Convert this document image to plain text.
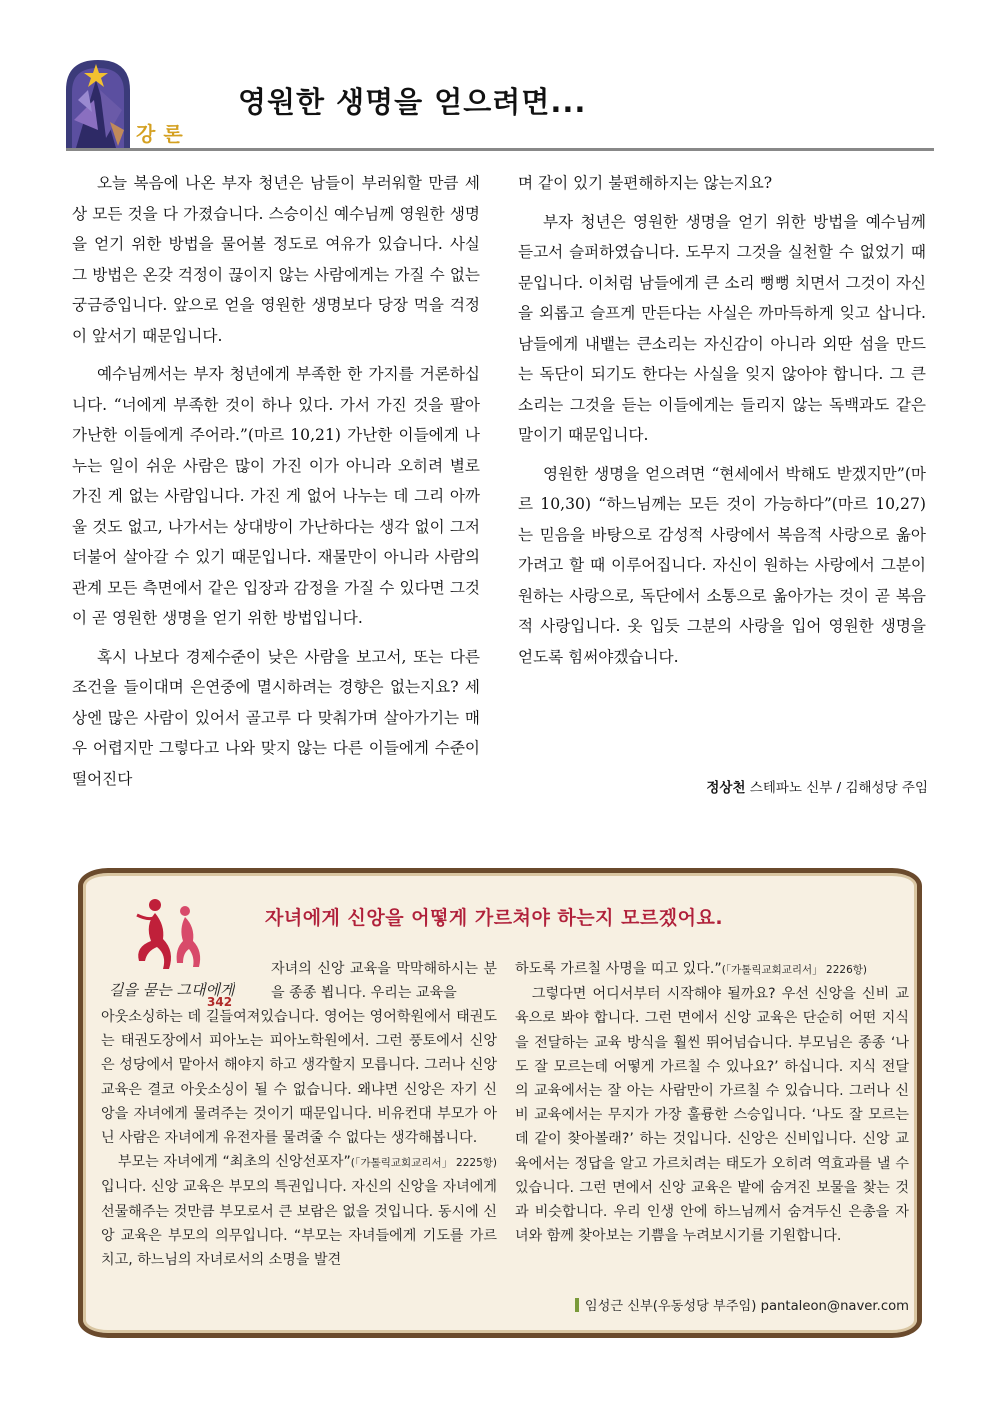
강론
영원한 생명을 얻으려면...

오늘 복음에 나온 부자 청년은 남들이 부러워할 만큼 세상 모든 것을 다 가졌습니다. 스승이신 예수님께 영원한 생명을 얻기 위한 방법을 물어볼 정도로 여유가 있습니다. 사실 그 방법은 온갖 걱정이 끊이지 않는 사람에게는 가질 수 없는 궁금증입니다. 앞으로 얻을 영원한 생명보다 당장 먹을 걱정이 앞서기 때문입니다.

예수님께서는 부자 청년에게 부족한 한 가지를 거론하십니다. “너에게 부족한 것이 하나 있다. 가서 가진 것을 팔아 가난한 이들에게 주어라.”(마르 10,21) 가난한 이들에게 나누는 일이 쉬운 사람은 많이 가진 이가 아니라 오히려 별로 가진 게 없는 사람입니다. 가진 게 없어 나누는 데 그리 아까울 것도 없고, 나가서는 상대방이 가난하다는 생각 없이 그저 더불어 살아갈 수 있기 때문입니다. 재물만이 아니라 사람의 관계 모든 측면에서 같은 입장과 감정을 가질 수 있다면 그것이 곧 영원한 생명을 얻기 위한 방법입니다.

혹시 나보다 경제수준이 낮은 사람을 보고서, 또는 다른 조건을 들이대며 은연중에 멸시하려는 경향은 없는지요? 세상엔 많은 사람이 있어서 골고루 다 맞춰가며 살아가기는 매우 어렵지만 그렇다고 나와 맞지 않는 다른 이들에게 수준이 떨어진다

며 같이 있기 불편해하지는 않는지요?

부자 청년은 영원한 생명을 얻기 위한 방법을 예수님께 듣고서 슬퍼하였습니다. 도무지 그것을 실천할 수 없었기 때문입니다. 이처럼 남들에게 큰 소리 뻥뻥 치면서 그것이 자신을 외롭고 슬프게 만든다는 사실은 까마득하게 잊고 삽니다. 남들에게 내뱉는 큰소리는 자신감이 아니라 외딴 섬을 만드는 독단이 되기도 한다는 사실을 잊지 않아야 합니다. 그 큰소리는 그것을 듣는 이들에게는 들리지 않는 독백과도 같은 말이기 때문입니다.

영원한 생명을 얻으려면 “현세에서 박해도 받겠지만”(마르 10,30) “하느님께는 모든 것이 가능하다”(마르 10,27)는 믿음을 바탕으로 감성적 사랑에서 복음적 사랑으로 옮아가려고 할 때 이루어집니다. 자신이 원하는 사랑에서 그분이 원하는 사랑으로, 독단에서 소통으로 옮아가는 것이 곧 복음적 사랑입니다. 옷 입듯 그분의 사랑을 입어 영원한 생명을 얻도록 힘써야겠습니다.

정상천 스테파노 신부 / 김해성당 주임
길을 묻는 그대에게
342
자녀에게 신앙을 어떻게 가르쳐야 하는지 모르겠어요.

자녀의 신앙 교육을 막막해하시는 분을 종종 뵙니다. 우리는 교육을

아웃소싱하는 데 길들여져있습니다. 영어는 영어학원에서 태권도는 태권도장에서 피아노는 피아노학원에서. 그런 풍토에서 신앙은 성당에서 맡아서 해야지 하고 생각할지 모릅니다. 그러나 신앙 교육은 결코 아웃소싱이 될 수 없습니다. 왜냐면 신앙은 자기 신앙을 자녀에게 물려주는 것이기 때문입니다. 비유컨대 부모가 아닌 사람은 자녀에게 유전자를 물려줄 수 없다는 생각해봅니다.

부모는 자녀에게 “최초의 신앙선포자”(「가톨릭교회교리서」 2225항)입니다. 신앙 교육은 부모의 특권입니다. 자신의 신앙을 자녀에게 선물해주는 것만큼 부모로서 큰 보람은 없을 것입니다. 동시에 신앙 교육은 부모의 의무입니다. “부모는 자녀들에게 기도를 가르치고, 하느님의 자녀로서의 소명을 발견

하도록 가르칠 사명을 띠고 있다.”(「가톨릭교회교리서」 2226항)

그렇다면 어디서부터 시작해야 될까요? 우선 신앙을 신비 교육으로 봐야 합니다. 그런 면에서 신앙 교육은 단순히 어떤 지식을 전달하는 교육 방식을 훨씬 뛰어넘습니다. 부모님은 종종 ‘나도 잘 모르는데 어떻게 가르칠 수 있나요?’ 하십니다. 지식 전달의 교육에서는 잘 아는 사람만이 가르칠 수 있습니다. 그러나 신비 교육에서는 무지가 가장 훌륭한 스승입니다. ‘나도 잘 모르는 데 같이 찾아볼래?’ 하는 것입니다. 신앙은 신비입니다. 신앙 교육에서는 정답을 알고 가르치려는 태도가 오히려 역효과를 낼 수 있습니다. 그런 면에서 신앙 교육은 밭에 숨겨진 보물을 찾는 것과 비슷합니다. 우리 인생 안에 하느님께서 숨겨두신 은총을 자녀와 함께 찾아보는 기쁨을 누려보시기를 기원합니다.

임성근 신부(우동성당 부주임) pantaleon@naver.com
